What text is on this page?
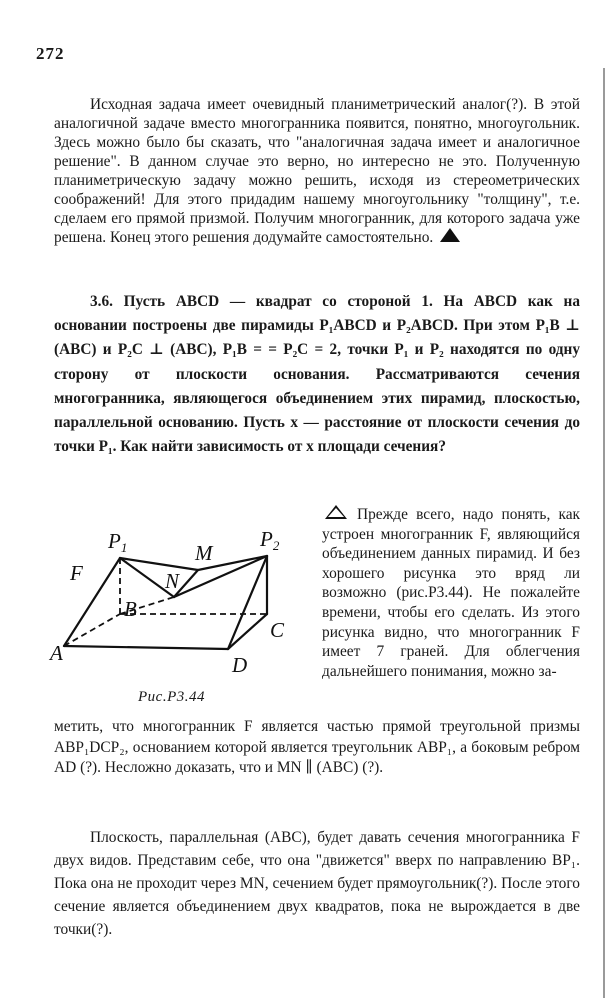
272

Исходная задача имеет очевидный планиметрический аналог(?). В этой аналогичной задаче вместо многогранника появится, понятно, многоугольник. Здесь можно было бы сказать, что "аналогичная задача имеет и аналогичное решение". В данном случае это верно, но интересно не это. Полученную планиметрическую задачу можно решить, исходя из стереометрических соображений! Для этого придадим нашему многоугольнику "толщину", т.е. сделаем его прямой призмой. Получим многогранник, для которого задача уже решена. Конец этого решения додумайте самостоятельно.

3.6. Пусть ABCD — квадрат со стороной 1. На ABCD как на основании построены две пирамиды P₁ABCD и P₂ABCD. При этом P₁B ⊥ (ABC) и P₂C ⊥ (ABC), P₁B = = P₂C = 2, точки P₁ и P₂ находятся по одну сторону от плоскости основания. Рассматриваются сечения многогранника, являющегося объединением этих пирамид, плоскостью, параллельной основанию. Пусть x — расстояние от плоскости сечения до точки P₁. Как найти зависимость от x площади сечения?

P1	P2
M
N
F
B
C
A	D
Рис.Р3.44

Прежде всего, надо понять, как устроен многогранник F, являющийся объединением данных пирамид. И без хорошего рисунка это вряд ли возможно (рис.Р3.44). Не пожалейте времени, чтобы его сделать. Из этого рисунка видно, что многогранник F имеет 7 граней. Для облегчения дальнейшего понимания, можно за-

метить, что многогранник F является частью прямой треугольной призмы ABP₁DCP₂, основанием которой является треугольник ABP₁, а боковым ребром AD (?). Несложно доказать, что и MN ∥ (ABC) (?).

Плоскость, параллельная (ABC), будет давать сечения многогранника F двух видов. Представим себе, что она "движется" вверх по направлению BP₁. Пока она не проходит через MN, сечением будет прямоугольник(?). После этого сечение является объединением двух квадратов, пока не вырождается в две точки(?).
